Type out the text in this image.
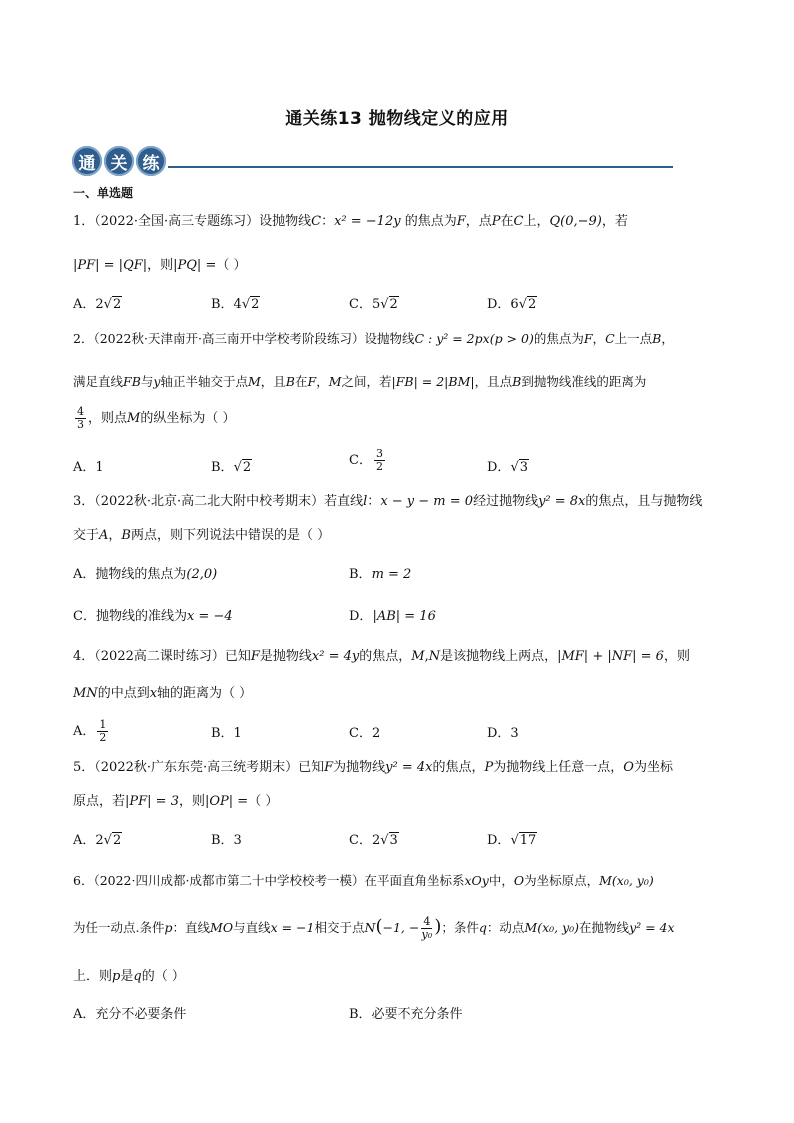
通关练13 抛物线定义的应用
通 关 练
一、单选题
1．（2022·全国·高三专题练习）设抛物线C：x² = −12y 的焦点为F，点P在C上，Q(0,−9)，若
|PF| = |QF|，则|PQ| =（ ）
A．2√2	B．4√2	C．5√2	D．6√2
2．（2022秋·天津南开·高三南开中学校考阶段练习）设抛物线C : y² = 2px(p > 0)的焦点为F，C上一点B，
满足直线FB与y轴正半轴交于点M，且B在F，M之间，若|FB| = 2|BM|，且点B到抛物线准线的距离为
$\frac{4}{3}$ ，则点M的纵坐标为（ ）
A．1	B．√2	C． $\frac{3}{2}$	D．√3
3．（2022秋·北京·高二北大附中校考期末）若直线l：x − y − m = 0经过抛物线y² = 8x的焦点，且与抛物线
交于A，B两点，则下列说法中错误的是（ ）
A．抛物线的焦点为(2,0)	B．m = 2
C．抛物线的准线为x = −4	D．|AB| = 16
4．（2022高二课时练习）已知F是抛物线x² = 4y的焦点，M,N是该抛物线上两点，|MF| + |NF| = 6，则
MN的中点到x轴的距离为（ ）
A． $\frac{1}{2}$	B．1	C．2	D．3
5．（2022秋·广东东莞·高三统考期末）已知F为抛物线y² = 4x的焦点，P为抛物线上任意一点，O为坐标
原点，若|PF| = 3，则|OP| =（ ）
A．2√2	B．3	C．2√3	D．√17
6．（2022·四川成都·成都市第二十中学校校考一模）在平面直角坐标系xOy中，O为坐标原点，M(x₀, y₀)
为任一动点.条件p：直线MO与直线x = −1相交于点N(−1, − $\frac{4}{\text{y₀}}$ )；条件q：动点M(x₀, y₀)在抛物线y² = 4x
上．则p是q的（ ）
A．充分不必要条件	B．必要不充分条件
